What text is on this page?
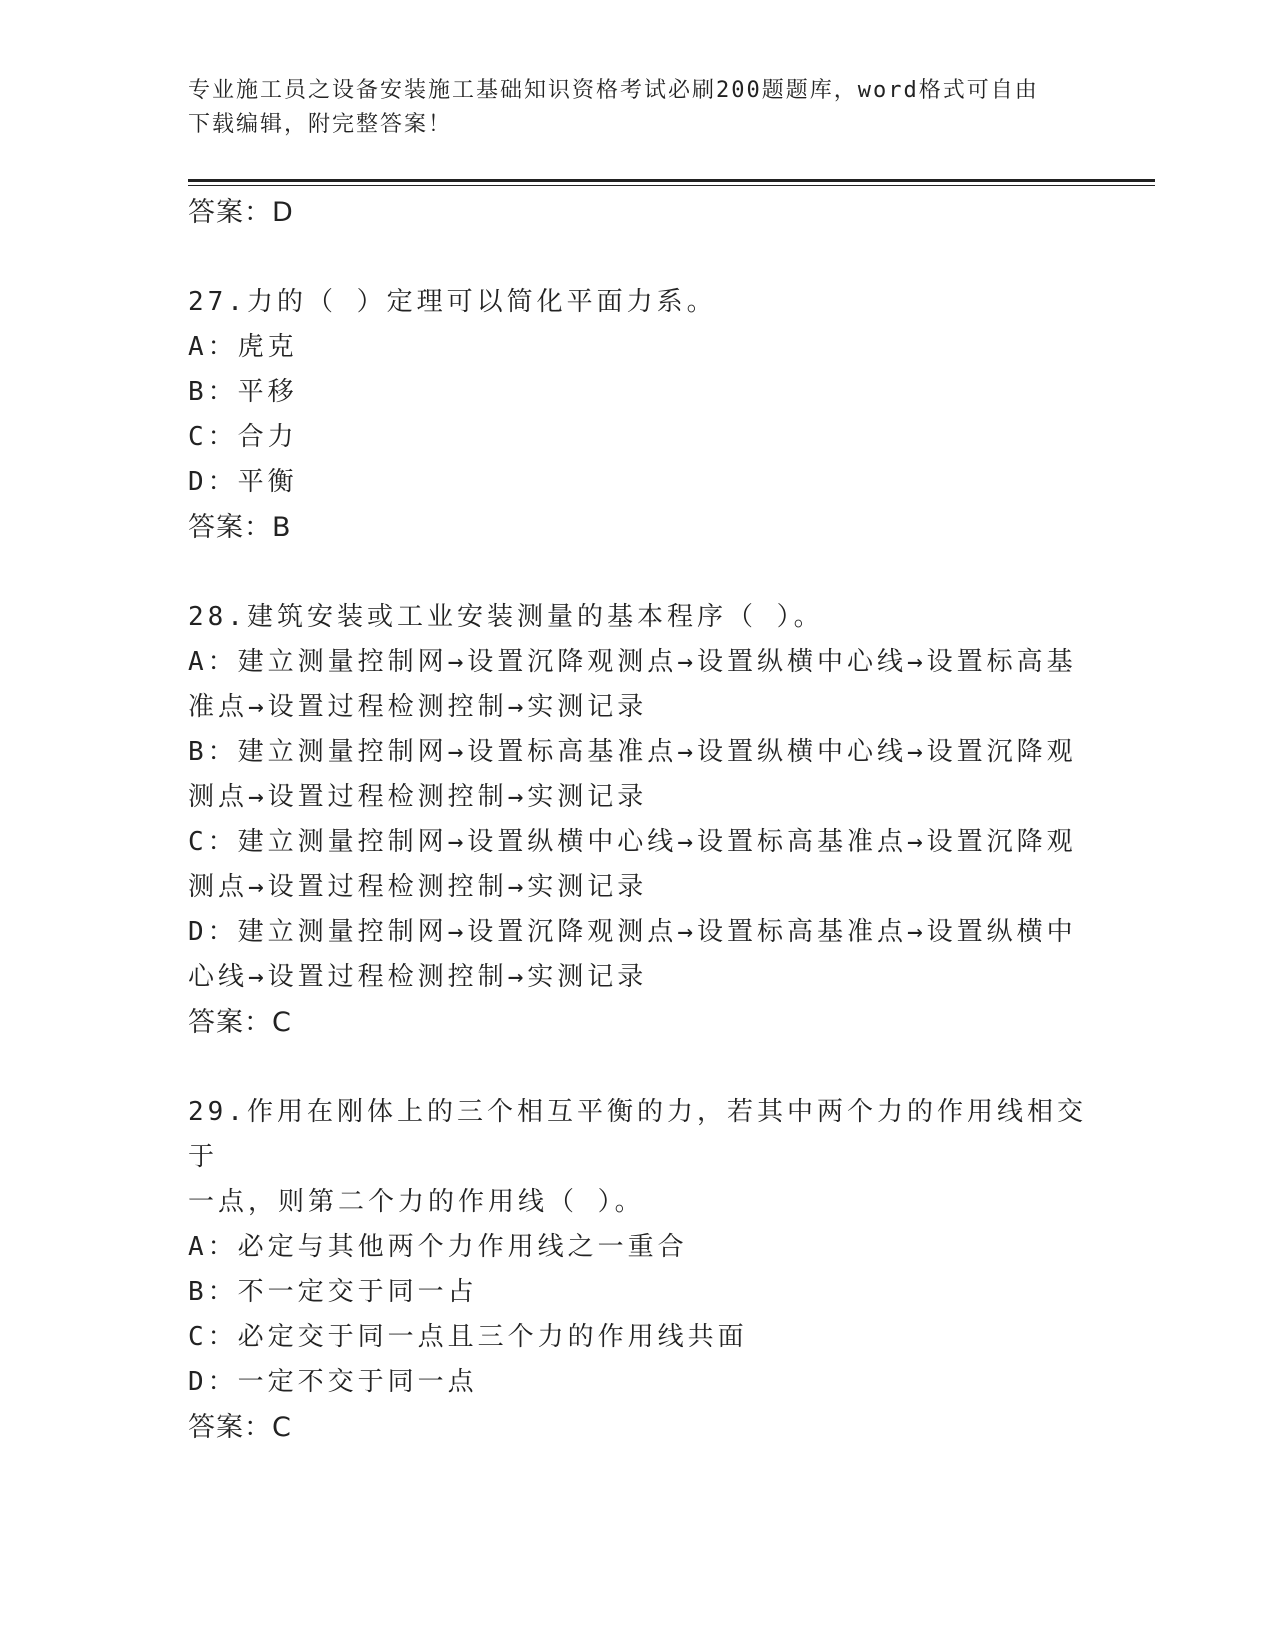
专业施工员之设备安装施工基础知识资格考试必刷200题题库，word格式可自由
下载编辑，附完整答案！
答案：D
27.力的（ ）定理可以简化平面力系。
A：虎克
B：平移
C：合力
D：平衡
答案：B
28.建筑安装或工业安装测量的基本程序（ ）。
A：建立测量控制网→设置沉降观测点→设置纵横中心线→设置标高基
准点→设置过程检测控制→实测记录
B：建立测量控制网→设置标高基准点→设置纵横中心线→设置沉降观
测点→设置过程检测控制→实测记录
C：建立测量控制网→设置纵横中心线→设置标高基准点→设置沉降观
测点→设置过程检测控制→实测记录
D：建立测量控制网→设置沉降观测点→设置标高基准点→设置纵横中
心线→设置过程检测控制→实测记录
答案：C
29.作用在刚体上的三个相互平衡的力，若其中两个力的作用线相交于
一点，则第二个力的作用线（ ）。
A：必定与其他两个力作用线之一重合
B：不一定交于同一占
C：必定交于同一点且三个力的作用线共面
D：一定不交于同一点
答案：C
